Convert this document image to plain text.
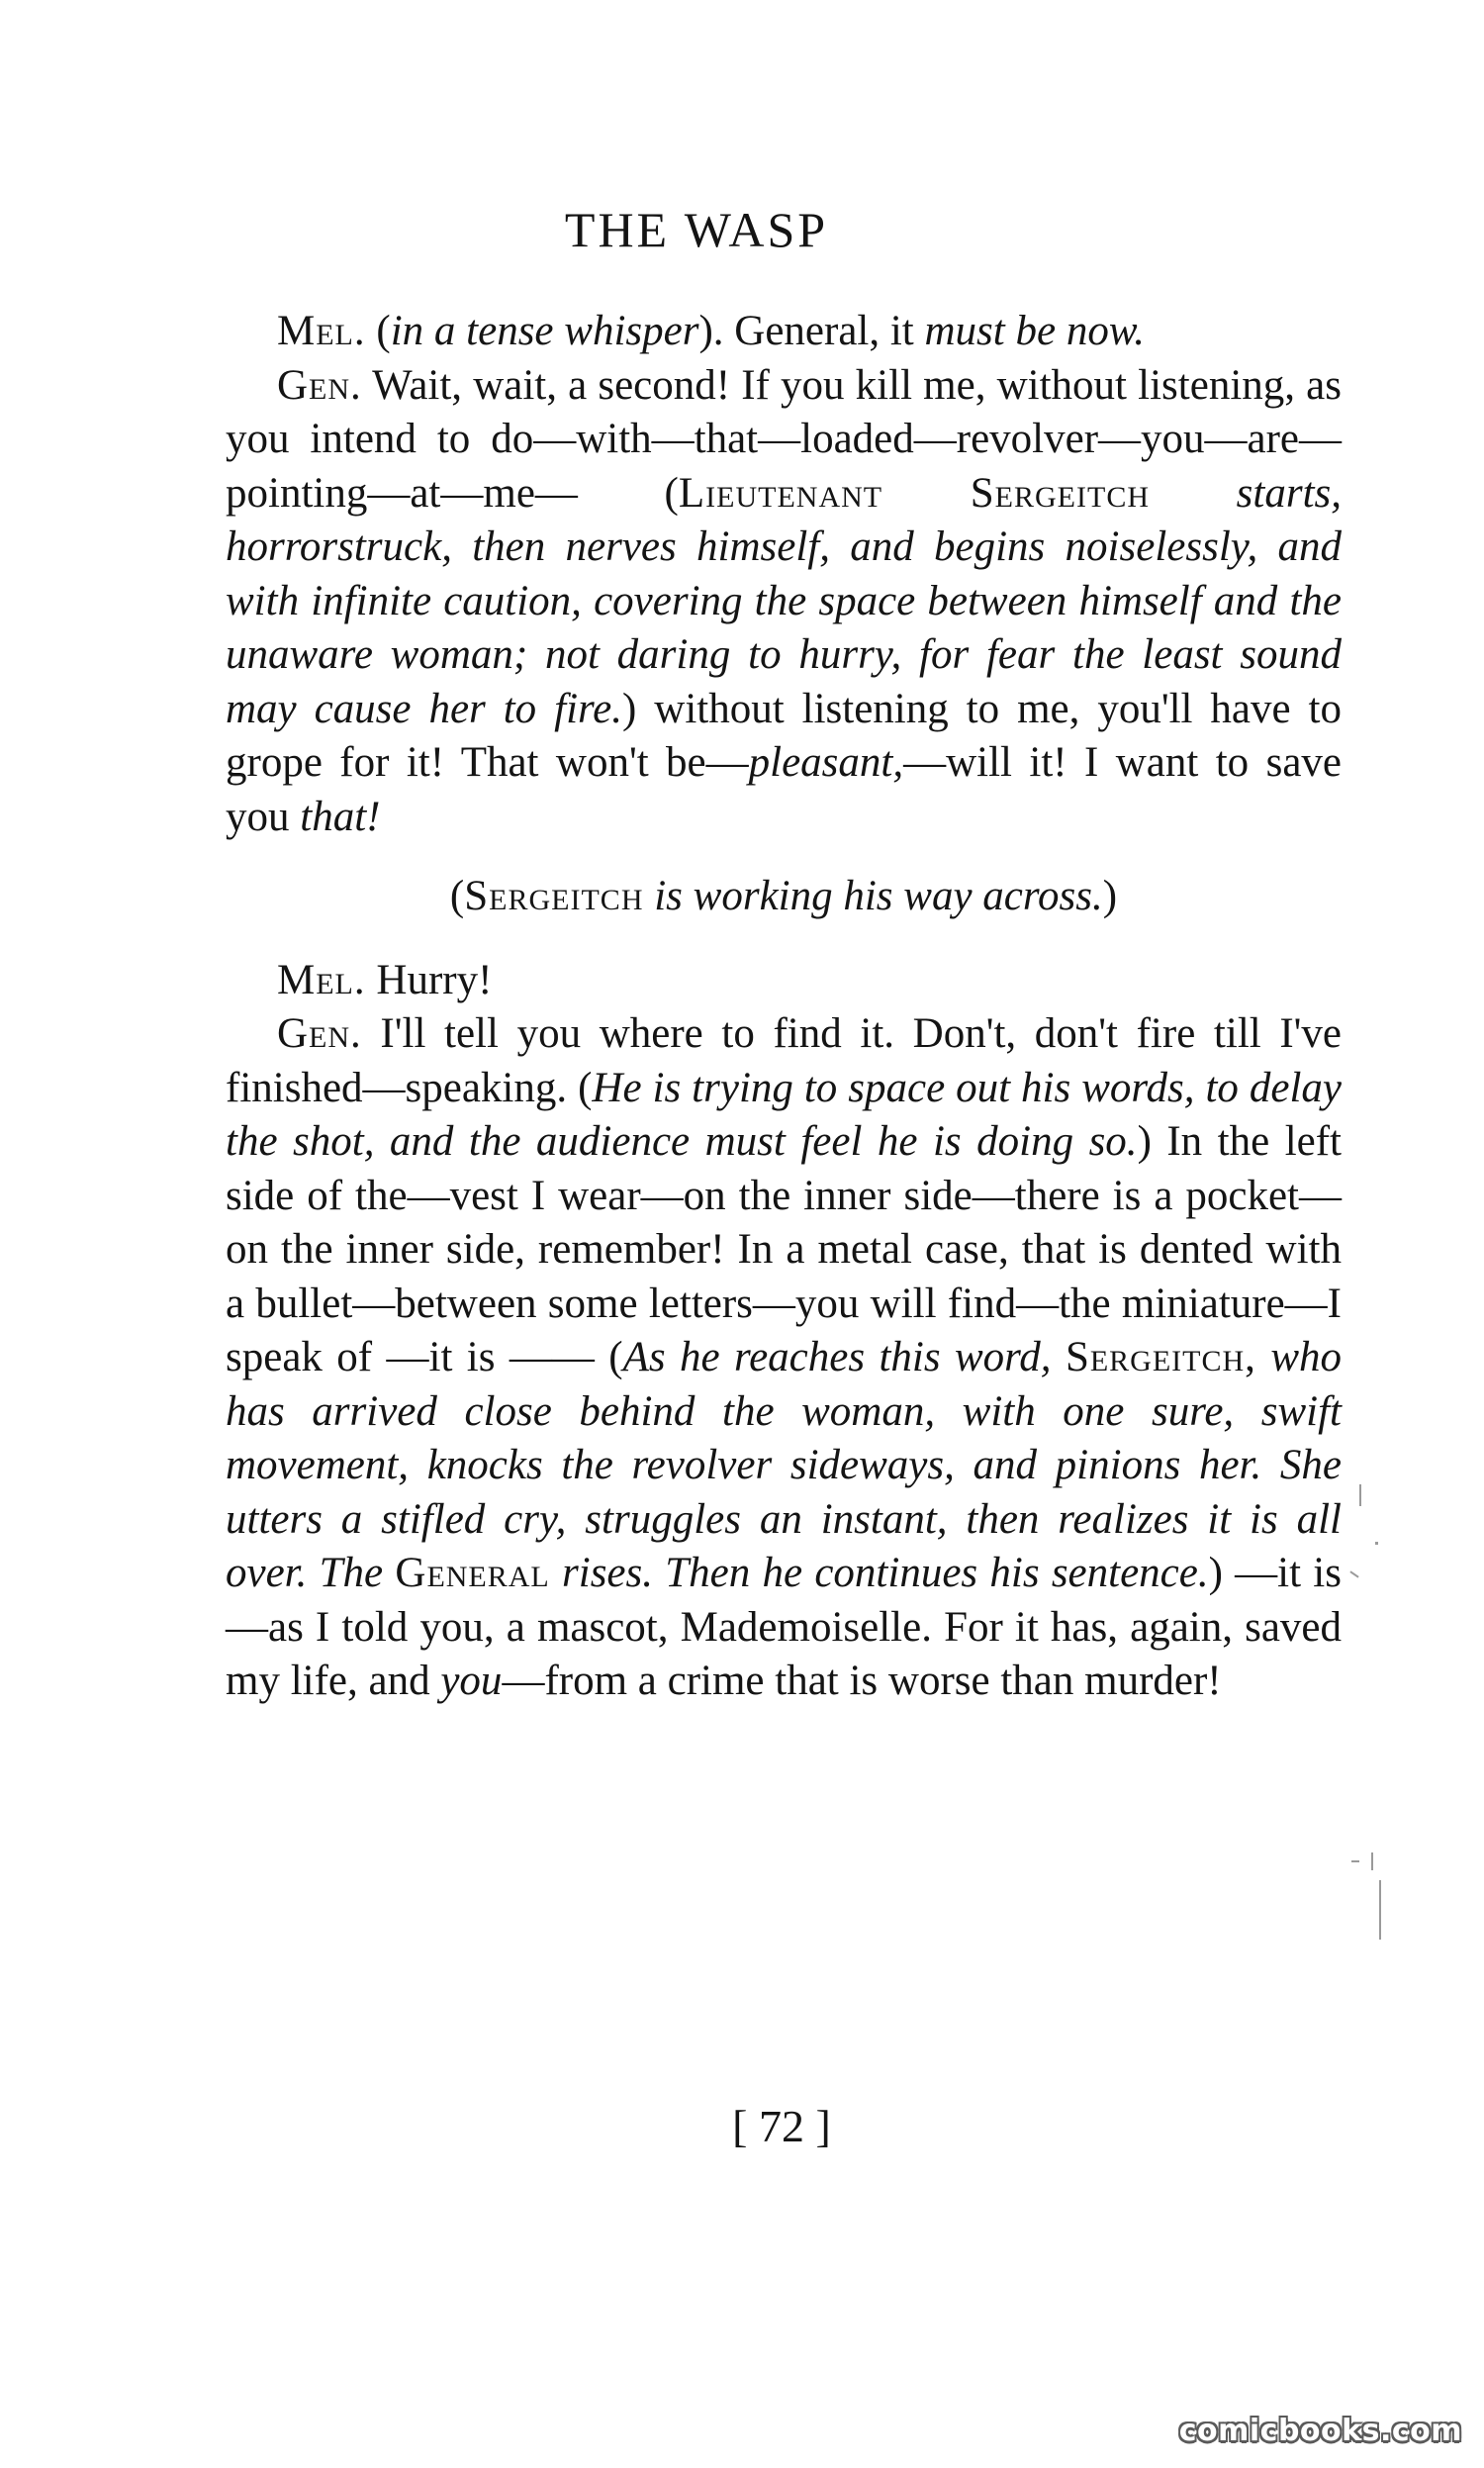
THE WASP

Mel. (in a tense whisper). General, it must be now.

Gen. Wait, wait, a second! If you kill me, without listening, as you intend to do—with—that—loaded—revolver—you—are—pointing—at—me— (Lieutenant Sergeitch starts, horrorstruck, then nerves himself, and begins noiselessly, and with infinite caution, covering the space between himself and the unaware woman; not daring to hurry, for fear the least sound may cause her to fire.) without listening to me, you'll have to grope for it! That won't be—pleasant,—will it! I want to save you that!

(Sergeitch is working his way across.)

Mel. Hurry!

Gen. I'll tell you where to find it. Don't, don't fire till I've finished—speaking. (He is trying to space out his words, to delay the shot, and the audience must feel he is doing so.) In the left side of the—vest I wear—on the inner side—there is a pocket—on the inner side, remember! In a metal case, that is dented with a bullet—between some letters—you will find—the miniature—I speak of —it is —— (As he reaches this word, Sergeitch, who has arrived close behind the woman, with one sure, swift movement, knocks the revolver sideways, and pinions her. She utters a stifled cry, struggles an instant, then realizes it is all over. The General rises. Then he continues his sentence.) —it is—as I told you, a mascot, Mademoiselle. For it has, again, saved my life, and you—from a crime that is worse than murder!

[ 72 ]
comicbooks.com
